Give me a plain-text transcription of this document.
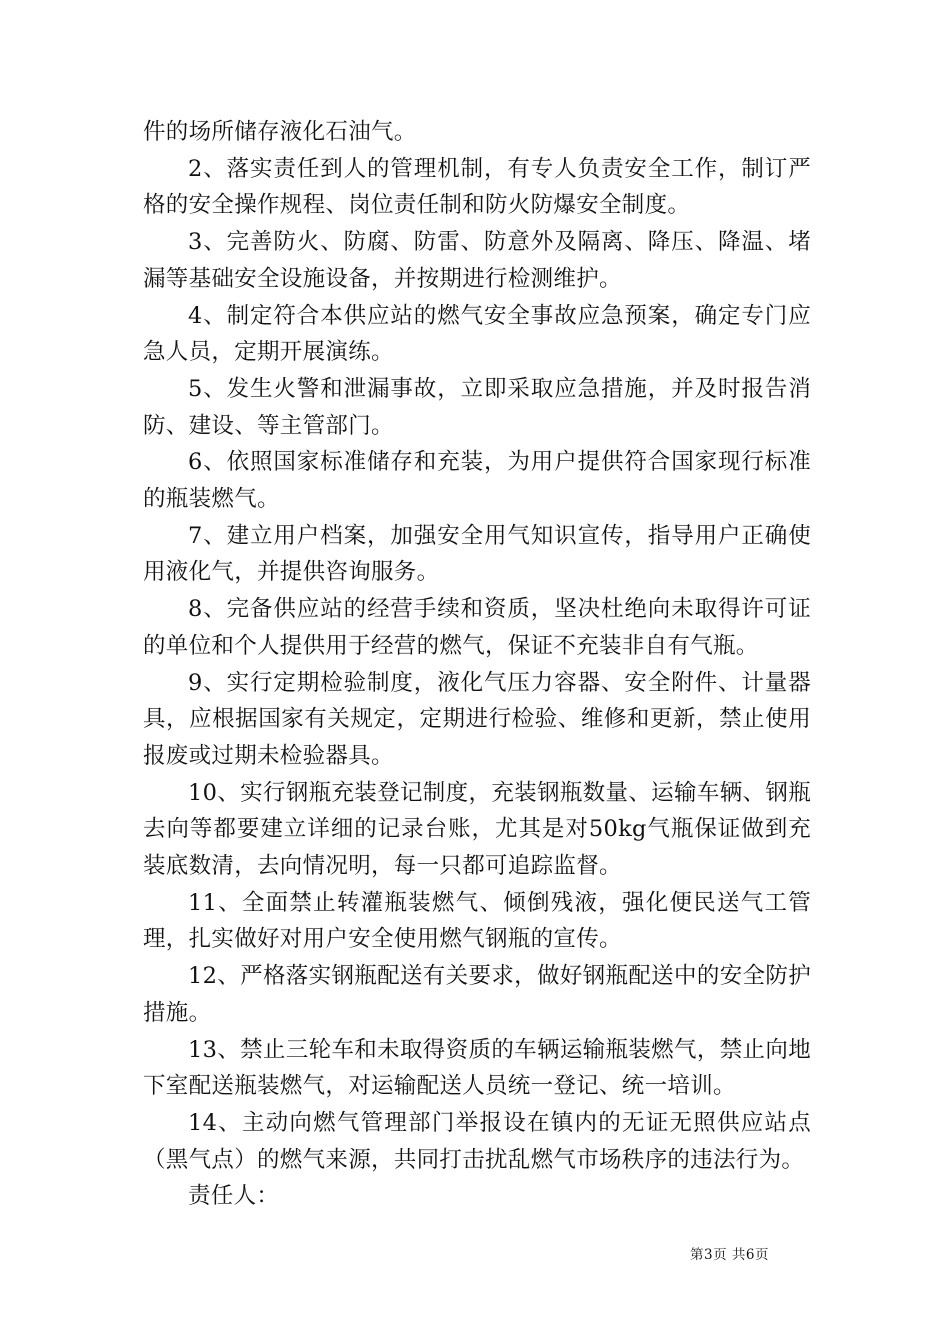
件的场所储存液化石油气。

2、落实责任到人的管理机制，有专人负责安全工作，制订严格的安全操作规程、岗位责任制和防火防爆安全制度。

3、完善防火、防腐、防雷、防意外及隔离、降压、降温、堵漏等基础安全设施设备，并按期进行检测维护。

4、制定符合本供应站的燃气安全事故应急预案，确定专门应急人员，定期开展演练。

5、发生火警和泄漏事故，立即采取应急措施，并及时报告消防、建设、等主管部门。

6、依照国家标准储存和充装，为用户提供符合国家现行标准的瓶装燃气。

7、建立用户档案，加强安全用气知识宣传，指导用户正确使用液化气，并提供咨询服务。

8、完备供应站的经营手续和资质，坚决杜绝向未取得许可证的单位和个人提供用于经营的燃气，保证不充装非自有气瓶。

9、实行定期检验制度，液化气压力容器、安全附件、计量器具，应根据国家有关规定，定期进行检验、维修和更新，禁止使用报废或过期未检验器具。

10、实行钢瓶充装登记制度，充装钢瓶数量、运输车辆、钢瓶去向等都要建立详细的记录台账，尤其是对50kg气瓶保证做到充装底数清，去向情况明，每一只都可追踪监督。

11、全面禁止转灌瓶装燃气、倾倒残液，强化便民送气工管理，扎实做好对用户安全使用燃气钢瓶的宣传。

12、严格落实钢瓶配送有关要求，做好钢瓶配送中的安全防护措施。

13、禁止三轮车和未取得资质的车辆运输瓶装燃气，禁止向地下室配送瓶装燃气，对运输配送人员统一登记、统一培训。

14、主动向燃气管理部门举报设在镇内的无证无照供应站点（黑气点）的燃气来源，共同打击扰乱燃气市场秩序的违法行为。

责任人：

第3页 共6页
